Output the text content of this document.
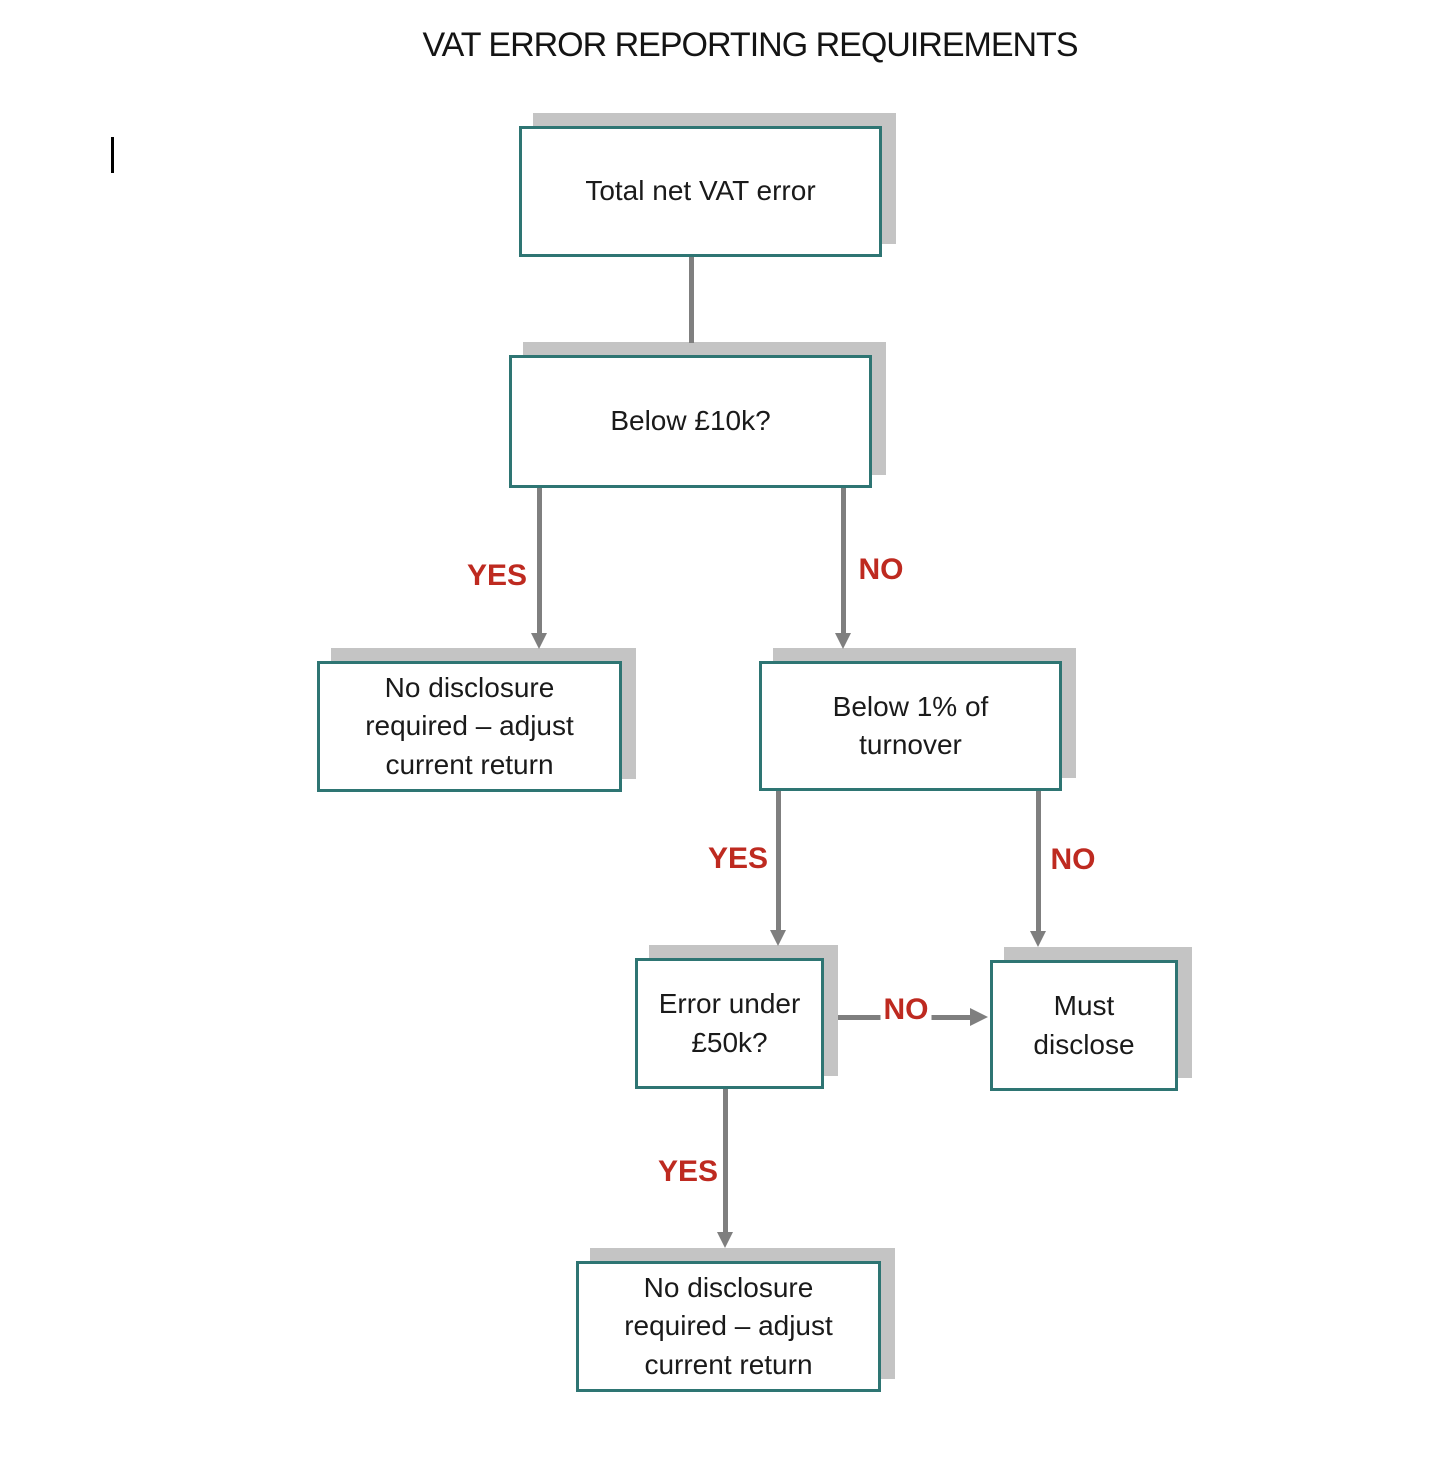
VAT ERROR REPORTING REQUIREMENTS
Total net VAT error
Below £10k?
No disclosure required – adjust current return
Below 1% of turnover
Error under £50k?
Must disclose
No disclosure required – adjust current return
YES	NO
YES	NO
NO
YES
